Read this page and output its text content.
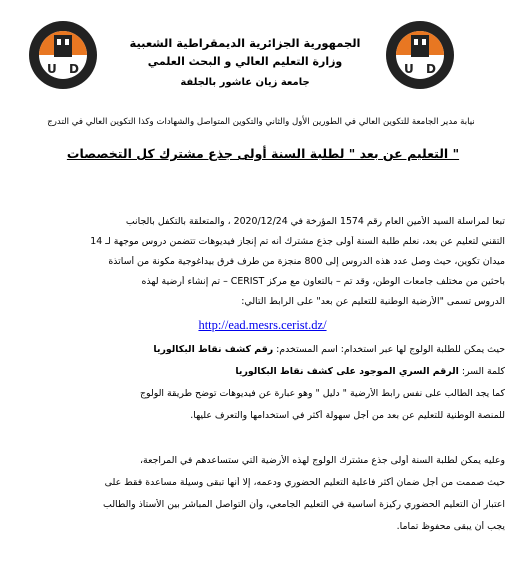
U D	U D
الجمهورية الجزائرية الديمقراطية الشعبية
وزارة التعليم العالي و البحث العلمي
جامعة زيان عاشور بالجلفة
نيابة مدير الجامعة للتكوين العالي في الطورين الأول والثاني والتكوين المتواصل والشهادات وكذا التكوين العالي في التدرج
" التعليم عن بعد " لطلبة السنة أولى جذع مشترك كل التخصصات
تبعا لمراسلة السيد الأمين العام رقم 1574 المؤرخة في 2020/12/24 ، والمتعلقة بالتكفل بالجانب
التقني لتعليم عن بعد، نعلم طلبة السنة أولى جذع مشترك أنه تم إنجاز فيديوهات تتضمن دروس موجهة لـ 14
ميدان تكوين، حيث وصل عدد هذه الدروس إلى 800 منجزة من طرف فرق بيداغوجية مكونة من أساتذة
باحثين من مختلف جامعات الوطن، وقد تم – بالتعاون مع مركز CERIST – تم إنشاء أرضية لهذه
الدروس تسمى "الأرضية الوطنية للتعليم عن بعد" على الرابط التالي:
http://ead.mesrs.cerist.dz/
حيث يمكن للطلبة الولوج لها عبر استخدام: اسم المستخدم: رقم كشف نقاط البكالوريا
كلمة السر: الرقم السري الموجود على كشف نقاط البكالوريا
كما يجد الطالب على نفس رابط الأرضية " دليل " وهو عبارة عن فيديوهات توضح طريقة الولوج
للمنصة الوطنية للتعليم عن بعد من أجل سهولة أكثر في استخدامها والتعرف عليها.
وعليه يمكن لطلبة السنة أولى جذع مشترك الولوج لهذه الأرضية التي ستساعدهم في المراجعة،
حيث صممت من أجل ضمان أكثر فاعلية التعليم الحضوري ودعمه، إلا أنها تبقى وسيلة مساعدة فقط على
اعتبار أن التعليم الحضوري ركيزة أساسية في التعليم الجامعي، وأن التواصل المباشر بين الأستاذ والطالب
يجب أن يبقى محفوظ تماما.
